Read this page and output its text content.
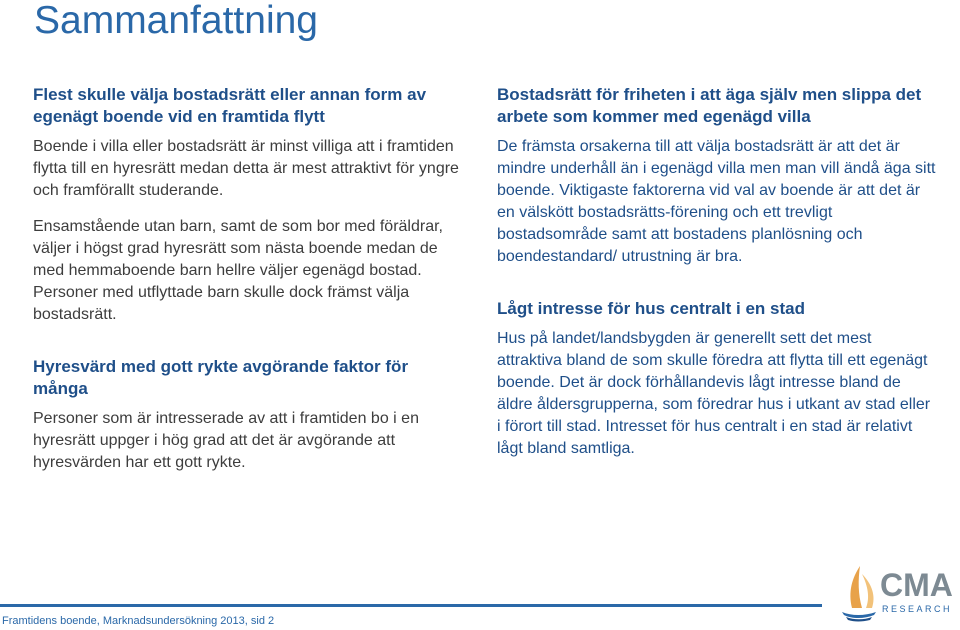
Sammanfattning

Flest skulle välja bostadsrätt eller annan form av egenägt boende vid en framtida flytt

Boende i villa eller bostadsrätt är minst villiga att i framtiden flytta till en hyresrätt medan detta är mest attraktivt för yngre och framförallt studerande.

Ensamstående utan barn, samt de som bor med föräldrar, väljer i högst grad hyresrätt som nästa boende medan de med hemmaboende barn hellre väljer egenägd bostad. Personer med utflyttade barn skulle dock främst välja bostadsrätt.

Hyresvärd med gott rykte avgörande faktor för många

Personer som är intresserade av att i framtiden bo i en hyresrätt uppger i hög grad att det är avgörande att hyresvärden har ett gott rykte.

Bostadsrätt för friheten i att äga själv men slippa det arbete som kommer med egenägd villa

De främsta orsakerna till att välja bostadsrätt är att det är mindre underhåll än i egenägd villa men man vill ändå äga sitt boende. Viktigaste faktorerna vid val av boende är att det är en välskött bostadsrätts-förening och ett trevligt bostadsområde samt att bostadens planlösning och boendestandard/ utrustning är bra.

Lågt intresse för hus centralt i en stad

Hus på landet/landsbygden är generellt sett det mest attraktiva bland de som skulle föredra att flytta till ett egenägt boende. Det är dock förhållandevis lågt intresse bland de äldre åldersgrupperna, som föredrar hus i utkant av stad eller i förort till stad. Intresset för hus centralt i en stad är relativt lågt bland samtliga.

Framtidens boende, Marknadsundersökning 2013, sid 2
CMA
RESEARCH
